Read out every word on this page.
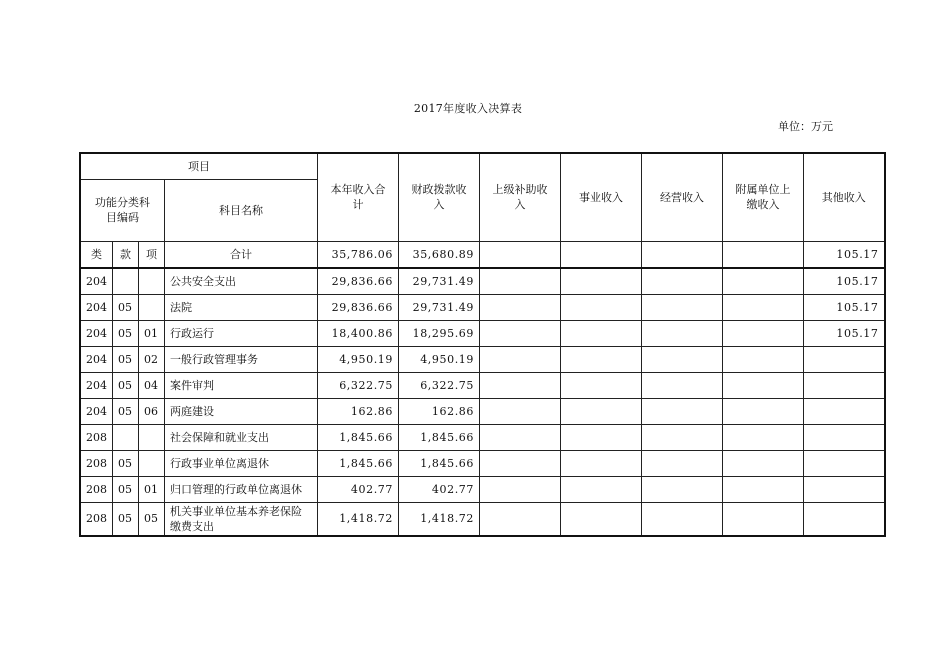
2017年度收入决算表
单位：万元
项目				本年收入合计	财政拨款收入	上级补助收入	事业收入	经营收入	附属单位上缴收入	其他收入

功能分类科目编码			科目名称							
类	款	项	合计	35,786.06	35,680.89					105.17
204			公共安全支出	29,836.66	29,731.49					105.17
204	05		法院	29,836.66	29,731.49					105.17
204	05	01	行政运行	18,400.86	18,295.69					105.17
204	05	02	一般行政管理事务	4,950.19	4,950.19					
204	05	04	案件审判	6,322.75	6,322.75					
204	05	06	两庭建设	162.86	162.86					
208			社会保障和就业支出	1,845.66	1,845.66					
208	05		行政事业单位离退休	1,845.66	1,845.66					
208	05	01	归口管理的行政单位离退休	402.77	402.77					
208	05	05	机关事业单位基本养老保险缴费支出	1,418.72	1,418.72					
